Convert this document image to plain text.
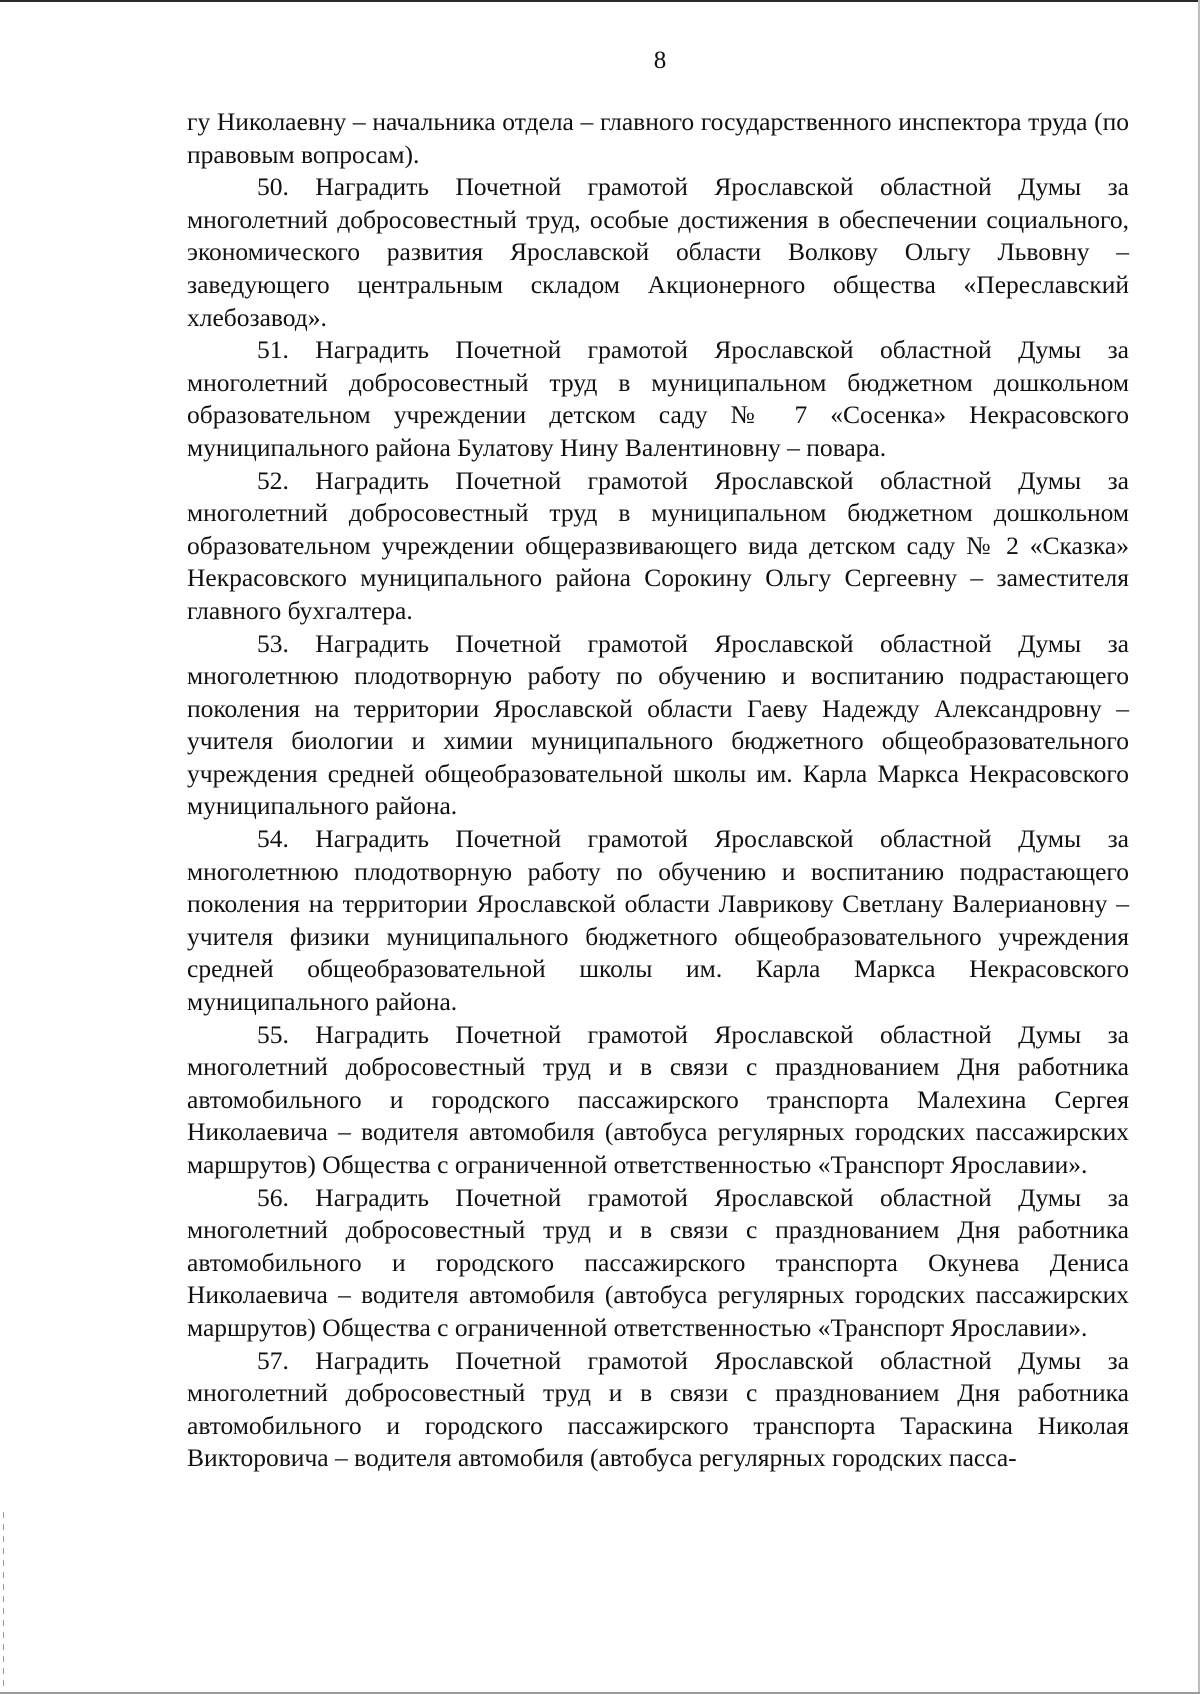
8

гу Николаевну – начальника отдела – главного государственного инспектора труда (по правовым вопросам).

50. Наградить Почетной грамотой Ярославской областной Думы за многолетний добросовестный труд, особые достижения в обеспечении социального, экономического развития Ярославской области Волкову Ольгу Львовну – заведующего центральным складом Акционерного общества «Переславский хлебозавод».

51. Наградить Почетной грамотой Ярославской областной Думы за многолетний добросовестный труд в муниципальном бюджетном дошкольном образовательном учреждении детском саду № 7 «Сосенка» Некрасовского муниципального района Булатову Нину Валентиновну – повара.

52. Наградить Почетной грамотой Ярославской областной Думы за многолетний добросовестный труд в муниципальном бюджетном дошкольном образовательном учреждении общеразвивающего вида детском саду № 2 «Сказка» Некрасовского муниципального района Сорокину Ольгу Сергеевну – заместителя главного бухгалтера.

53. Наградить Почетной грамотой Ярославской областной Думы за многолетнюю плодотворную работу по обучению и воспитанию подрастающего поколения на территории Ярославской области Гаеву Надежду Александровну – учителя биологии и химии муниципального бюджетного общеобразовательного учреждения средней общеобразовательной школы им. Карла Маркса Некрасовского муниципального района.

54. Наградить Почетной грамотой Ярославской областной Думы за многолетнюю плодотворную работу по обучению и воспитанию подрастающего поколения на территории Ярославской области Лаврикову Светлану Валериановну – учителя физики муниципального бюджетного общеобразовательного учреждения средней общеобразовательной школы им. Карла Маркса Некрасовского муниципального района.

55. Наградить Почетной грамотой Ярославской областной Думы за многолетний добросовестный труд и в связи с празднованием Дня работника автомобильного и городского пассажирского транспорта Малехина Сергея Николаевича – водителя автомобиля (автобуса регулярных городских пассажирских маршрутов) Общества с ограниченной ответственностью «Транспорт Ярославии».

56. Наградить Почетной грамотой Ярославской областной Думы за многолетний добросовестный труд и в связи с празднованием Дня работника автомобильного и городского пассажирского транспорта Окунева Дениса Николаевича – водителя автомобиля (автобуса регулярных городских пассажирских маршрутов) Общества с ограниченной ответственностью «Транспорт Ярославии».

57. Наградить Почетной грамотой Ярославской областной Думы за многолетний добросовестный труд и в связи с празднованием Дня работника автомобильного и городского пассажирского транспорта Тараскина Николая Викторовича – водителя автомобиля (автобуса регулярных городских пасса-
